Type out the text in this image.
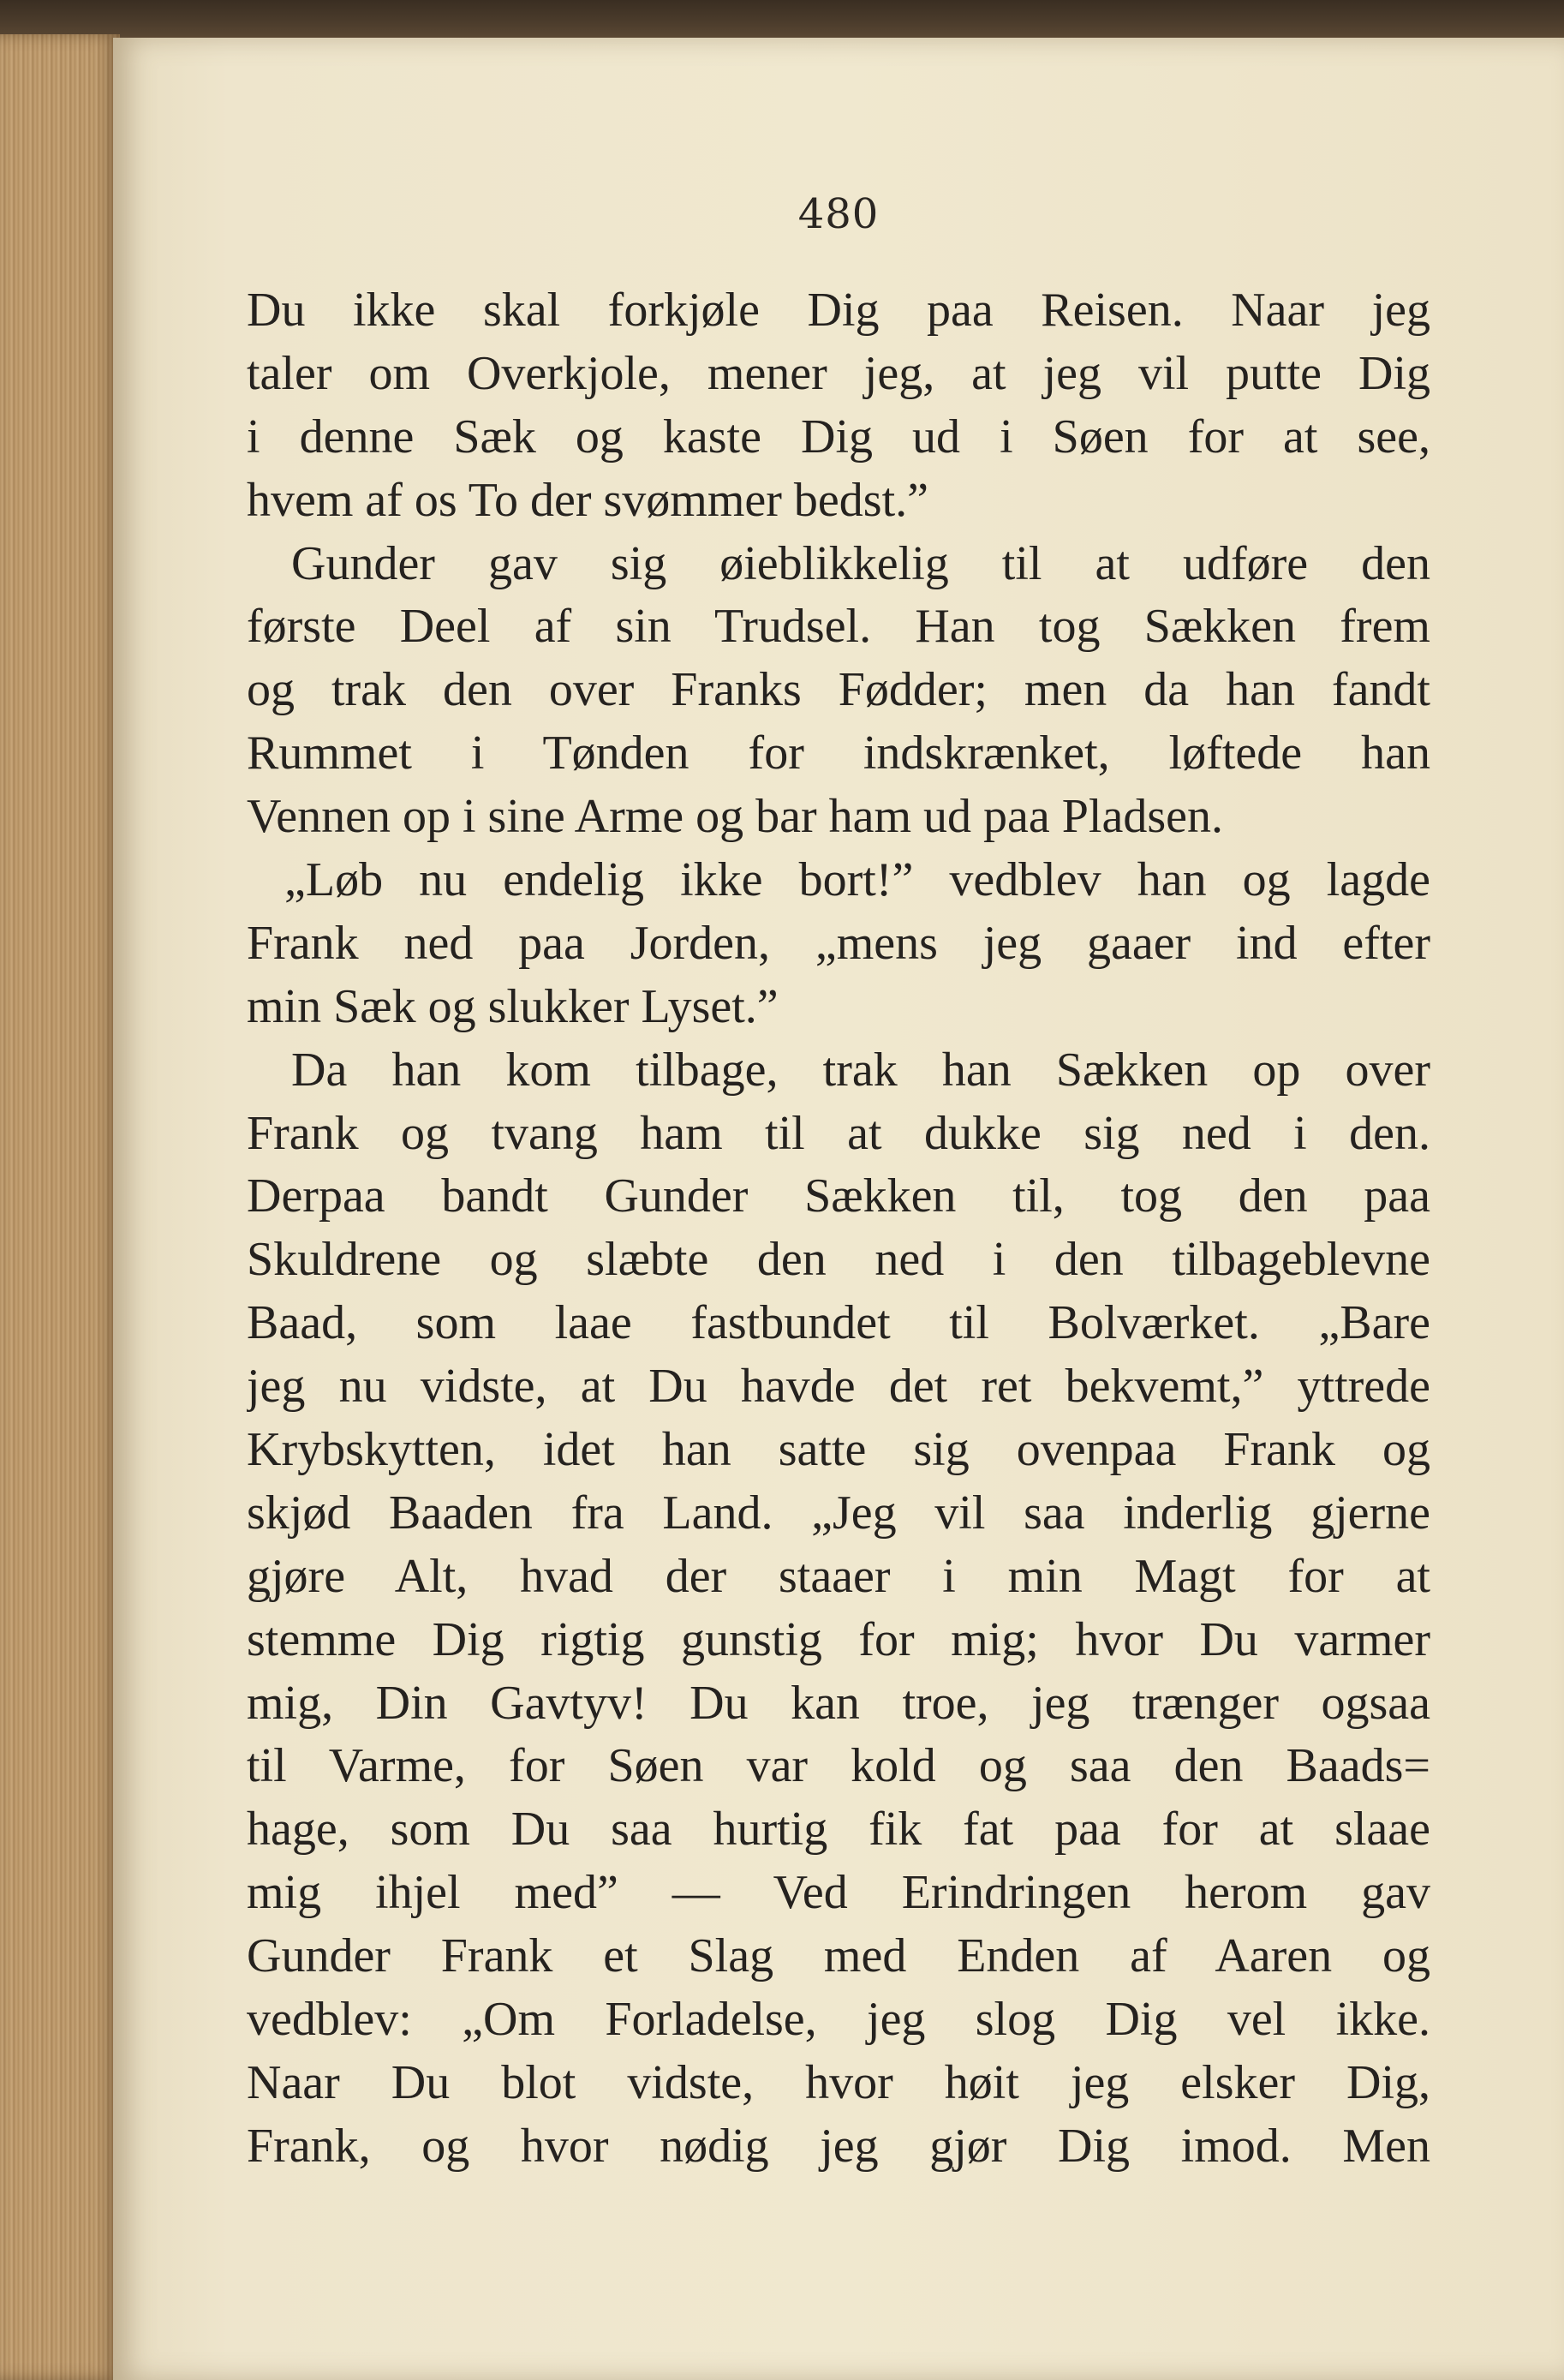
480
Du ikke skal forkjøle Dig paa Reisen. Naar jeg
taler om Overkjole, mener jeg, at jeg vil putte Dig
i denne Sæk og kaste Dig ud i Søen for at see,
hvem af os To der svømmer bedst.”
Gunder gav sig øieblikkelig til at udføre den
første Deel af sin Trudsel. Han tog Sækken frem
og trak den over Franks Fødder; men da han fandt
Rummet i Tønden for indskrænket, løftede han
Vennen op i sine Arme og bar ham ud paa Pladsen.
„Løb nu endelig ikke bort!” vedblev han og lagde
Frank ned paa Jorden, „mens jeg gaaer ind efter
min Sæk og slukker Lyset.”
Da han kom tilbage, trak han Sækken op over
Frank og tvang ham til at dukke sig ned i den.
Derpaa bandt Gunder Sækken til, tog den paa
Skuldrene og slæbte den ned i den tilbageblevne
Baad, som laae fastbundet til Bolværket. „Bare
jeg nu vidste, at Du havde det ret bekvemt,” yttrede
Krybskytten, idet han satte sig ovenpaa Frank og
skjød Baaden fra Land. „Jeg vil saa inderlig gjerne
gjøre Alt, hvad der staaer i min Magt for at
stemme Dig rigtig gunstig for mig; hvor Du varmer
mig, Din Gavtyv! Du kan troe, jeg trænger ogsaa
til Varme, for Søen var kold og saa den Baads=
hage, som Du saa hurtig fik fat paa for at slaae
mig ihjel med” — Ved Erindringen herom gav
Gunder Frank et Slag med Enden af Aaren og
vedblev: „Om Forladelse, jeg slog Dig vel ikke.
Naar Du blot vidste, hvor høit jeg elsker Dig,
Frank, og hvor nødig jeg gjør Dig imod. Men
